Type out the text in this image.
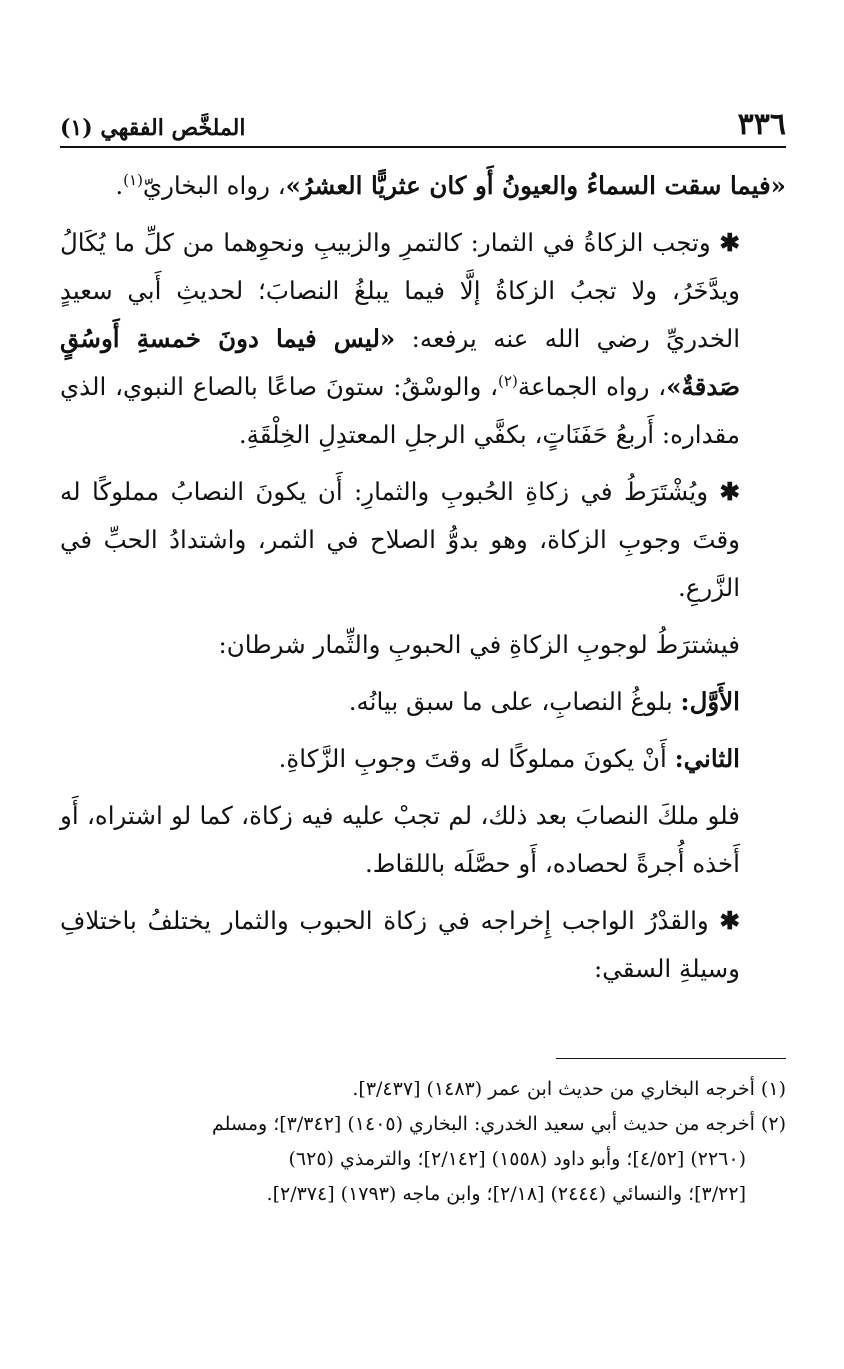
٣٣٦
الملخَّص الفقهي (١)

«فيما سقت السماءُ والعيونُ أَو كان عثريًّا العشرُ»، رواه البخاريّ$^{(١)}$.

✱ وتجب الزكاةُ في الثمار: كالتمرِ والزبيبِ ونحوِهما من كلِّ ما يُكَالُ ويدَّخَرُ، ولا تجبُ الزكاةُ إلَّا فيما يبلغُ النصابَ؛ لحديثِ أَبي سعيدٍ الخدريِّ رضي الله عنه يرفعه: «ليس فيما دونَ خمسةِ أَوسُقٍ صَدقةٌ»، رواه الجماعة$^{(٢)}$، والوسْقُ: ستونَ صاعًا بالصاع النبوي، الذي مقداره: أَربعُ حَفَنَاتٍ، بكفَّي الرجلِ المعتدِلِ الخِلْقَةِ.

✱ ويُشْتَرَطُ في زكاةِ الحُبوبِ والثمارِ: أَن يكونَ النصابُ مملوكًا له وقتَ وجوبِ الزكاة، وهو بدوُّ الصلاح في الثمر، واشتدادُ الحبِّ في الزَّرعِ.

فيشترَطُ لوجوبِ الزكاةِ في الحبوبِ والثِّمار شرطان:

الأَوَّل: بلوغُ النصابِ، على ما سبق بيانُه.

الثاني: أَنْ يكونَ مملوكًا له وقتَ وجوبِ الزَّكاةِ.

فلو ملكَ النصابَ بعد ذلك، لم تجبْ عليه فيه زكاة، كما لو اشتراه، أَو أَخذه أُجرةً لحصاده، أَو حصَّلَه باللقاط.

✱ والقدْرُ الواجب إِخراجه في زكاة الحبوب والثمار يختلفُ باختلافِ وسيلةِ السقي:

(١) أخرجه البخاري من حديث ابن عمر (١٤٨٣) [٣/٤٣٧].

(٢) أخرجه من حديث أبي سعيد الخدري: البخاري (١٤٠٥) [٣/٣٤٢]؛ ومسلم

(٢٢٦٠) [٤/٥٢]؛ وأبو داود (١٥٥٨) [٢/١٤٢]؛ والترمذي (٦٢٥)

[٣/٢٢]؛ والنسائي (٢٤٤٤) [٢/١٨]؛ وابن ماجه (١٧٩٣) [٢/٣٧٤].
